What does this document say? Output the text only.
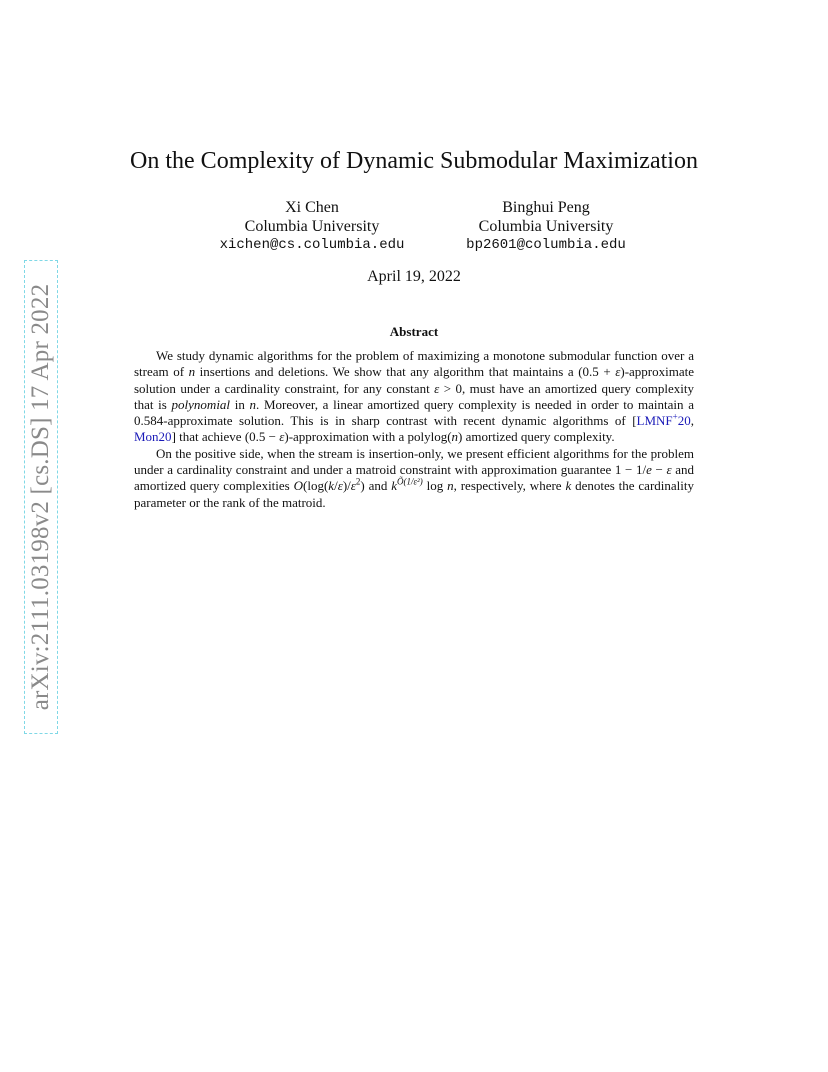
arXiv:2111.03198v2 [cs.DS] 17 Apr 2022
On the Complexity of Dynamic Submodular Maximization
Xi Chen
Columbia University
xichen@cs.columbia.edu
Binghui Peng
Columbia University
bp2601@columbia.edu
April 19, 2022
Abstract

We study dynamic algorithms for the problem of maximizing a monotone submodular function over a stream of n insertions and deletions. We show that any algorithm that maintains a (0.5 + ε)-approximate solution under a cardinality constraint, for any constant ε > 0, must have an amortized query complexity that is polynomial in n. Moreover, a linear amortized query complexity is needed in order to maintain a 0.584-approximate solution. This is in sharp contrast with recent dynamic algorithms of [LMNF+20, Mon20] that achieve (0.5 − ε)-approximation with a polylog(n) amortized query complexity.

On the positive side, when the stream is insertion-only, we present efficient algorithms for the problem under a cardinality constraint and under a matroid constraint with approximation guarantee 1 − 1/e − ε and amortized query complexities $O(\log(k/\varepsilon)/\varepsilon^2)$ and $k^{Õ(1/\varepsilon^2)}$ log n, respectively, where k denotes the cardinality parameter or the rank of the matroid.
